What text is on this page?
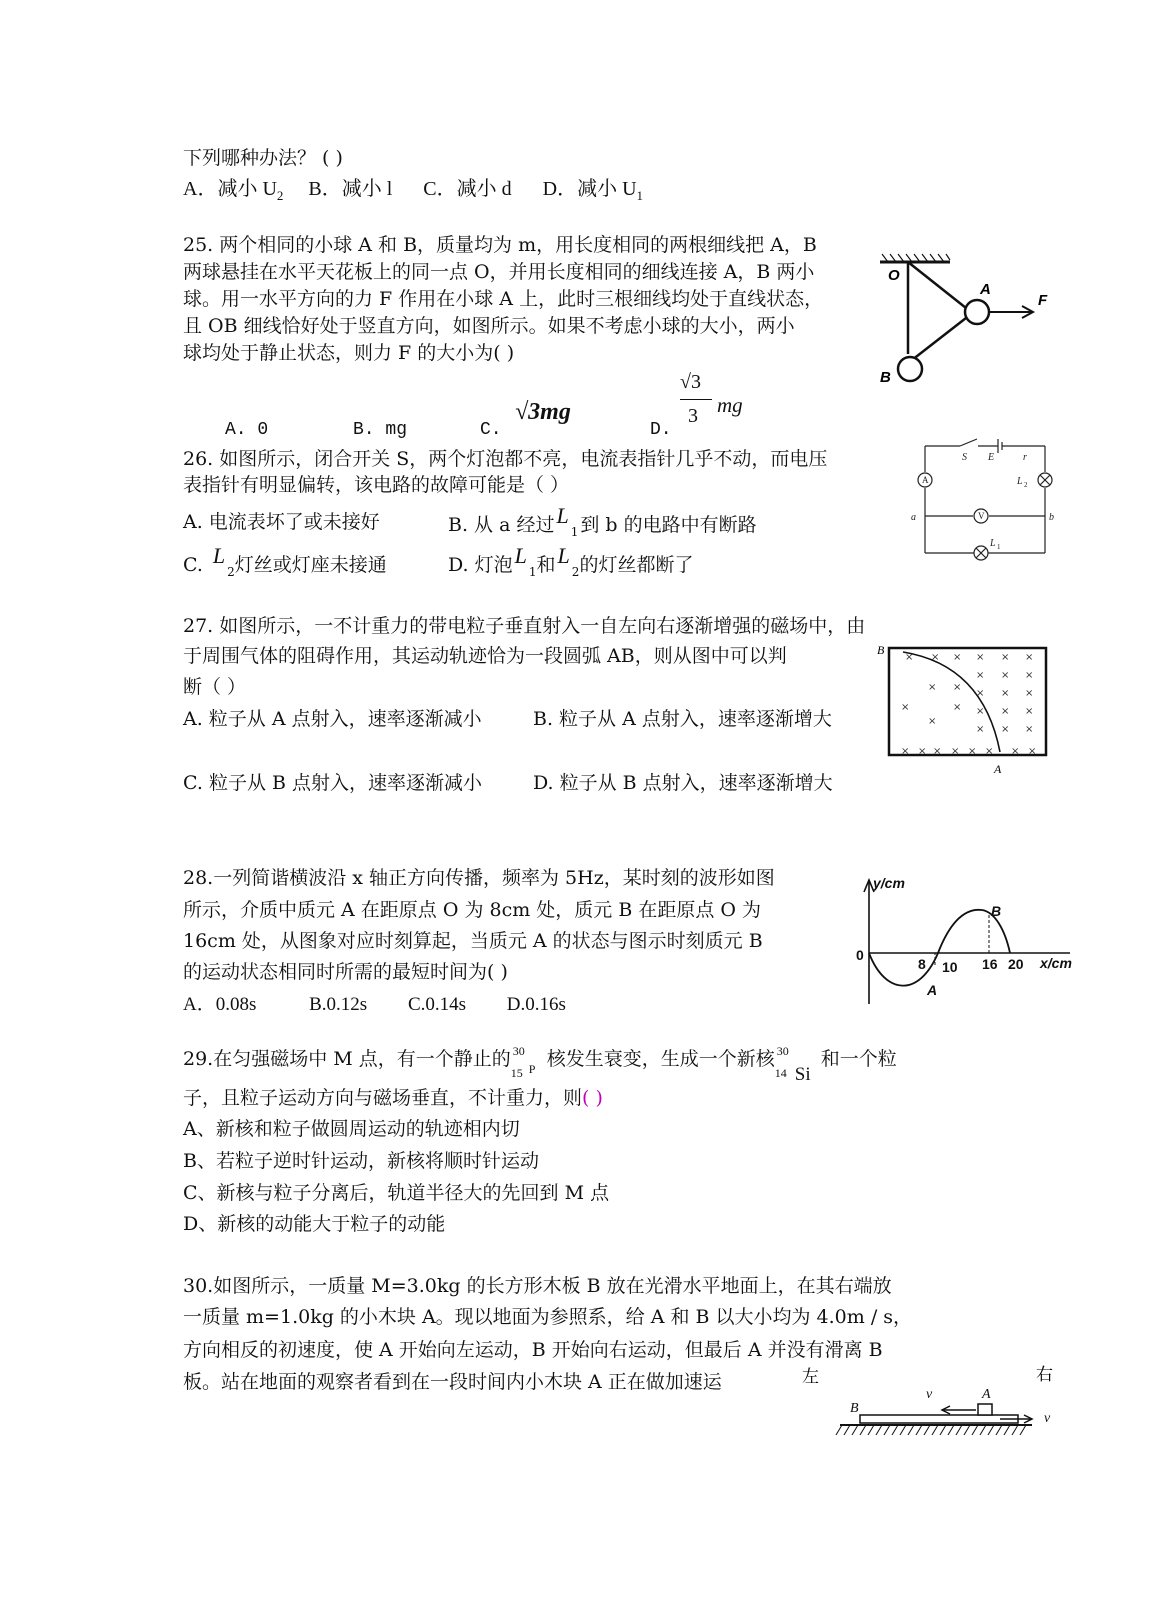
下列哪种办法？ ( )
A．减小 $U_2$ B．减小 l C．减小 d D．减小 $U_1$
25. 两个相同的小球 A 和 B，质量均为 m，用长度相同的两根细线把 A，B
两球悬挂在水平天花板上的同一点 O，并用长度相同的细线连接 A，B 两小
球。用一水平方向的力 F 作用在小球 A 上，此时三根细线均处于直线状态，
且 OB 细线恰好处于竖直方向，如图所示。如果不考虑小球的大小，两小
球均处于静止状态，则力 F 的大小为( )
A. 0	B. mg	C.
√3mg
D.
√3
3 mg
O
A
B
F
26. 如图所示，闭合开关 S，两个灯泡都不亮，电流表指针几乎不动，而电压
表指针有明显偏转，该电路的故障可能是（ ）
A. 电流表坏了或未接好	B. 从 a 经过$L_1$ 到 b 的电路中有断路
C. $L_2$灯丝或灯座未接通	D. 灯泡$L_1$和$L_2$的灯丝都断了
S E	r
a	b
A
V
L 2
L 1
27. 如图所示，一不计重力的带电粒子垂直射入一自左向右逐渐增强的磁场中，由
于周围气体的阻碍作用，其运动轨迹恰为一段圆弧 AB，则从图中可以判
断（ ）
A. 粒子从 A 点射入，速率逐渐减小	B. 粒子从 A 点射入，速率逐渐增大
C. 粒子从 B 点射入，速率逐渐减小	D. 粒子从 B 点射入，速率逐渐增大
× × × × × ×
× × ×
× ×
× × ×
×	× × × ×
×
× × ×
× × × × × × × ×
B
A
28.一列简谐横波沿 x 轴正方向传播，频率为 5Hz，某时刻的波形如图
所示，介质中质元 A 在距原点 O 为 8cm 处，质元 B 在距原点 O 为
16cm 处，从图象对应时刻算起，当质元 A 的状态与图示时刻质元 B
的运动状态相同时所需的最短时间为( )
A．0.08s	B.0.12s C.0.14s D.0.16s
y/cm
x/cm
0
8 10 16 20
A
B
29.在匀强磁场中 M 点，有一个静止的 30
15 P 核发生衰变，生成一个新核 30
14 Si
和一个粒
子，且粒子运动方向与磁场垂直，不计重力，则( )
A、新核和粒子做圆周运动的轨迹相内切
B、若粒子逆时针运动，新核将顺时针运动
C、新核与粒子分离后，轨道半径大的先回到 M 点
D、新核的动能大于粒子的动能
30.如图所示，一质量 M=3.0kg 的长方形木板 B 放在光滑水平地面上，在其右端放
一质量 m=1.0kg 的小木块 A。现以地面为参照系，给 A 和 B 以大小均为 4.0m / s，
方向相反的初速度，使 A 开始向左运动，B 开始向右运动，但最后 A 并没有滑离 B
板。站在地面的观察者看到在一段时间内小木块 A 正在做加速运	左	右
v	A
B
v
